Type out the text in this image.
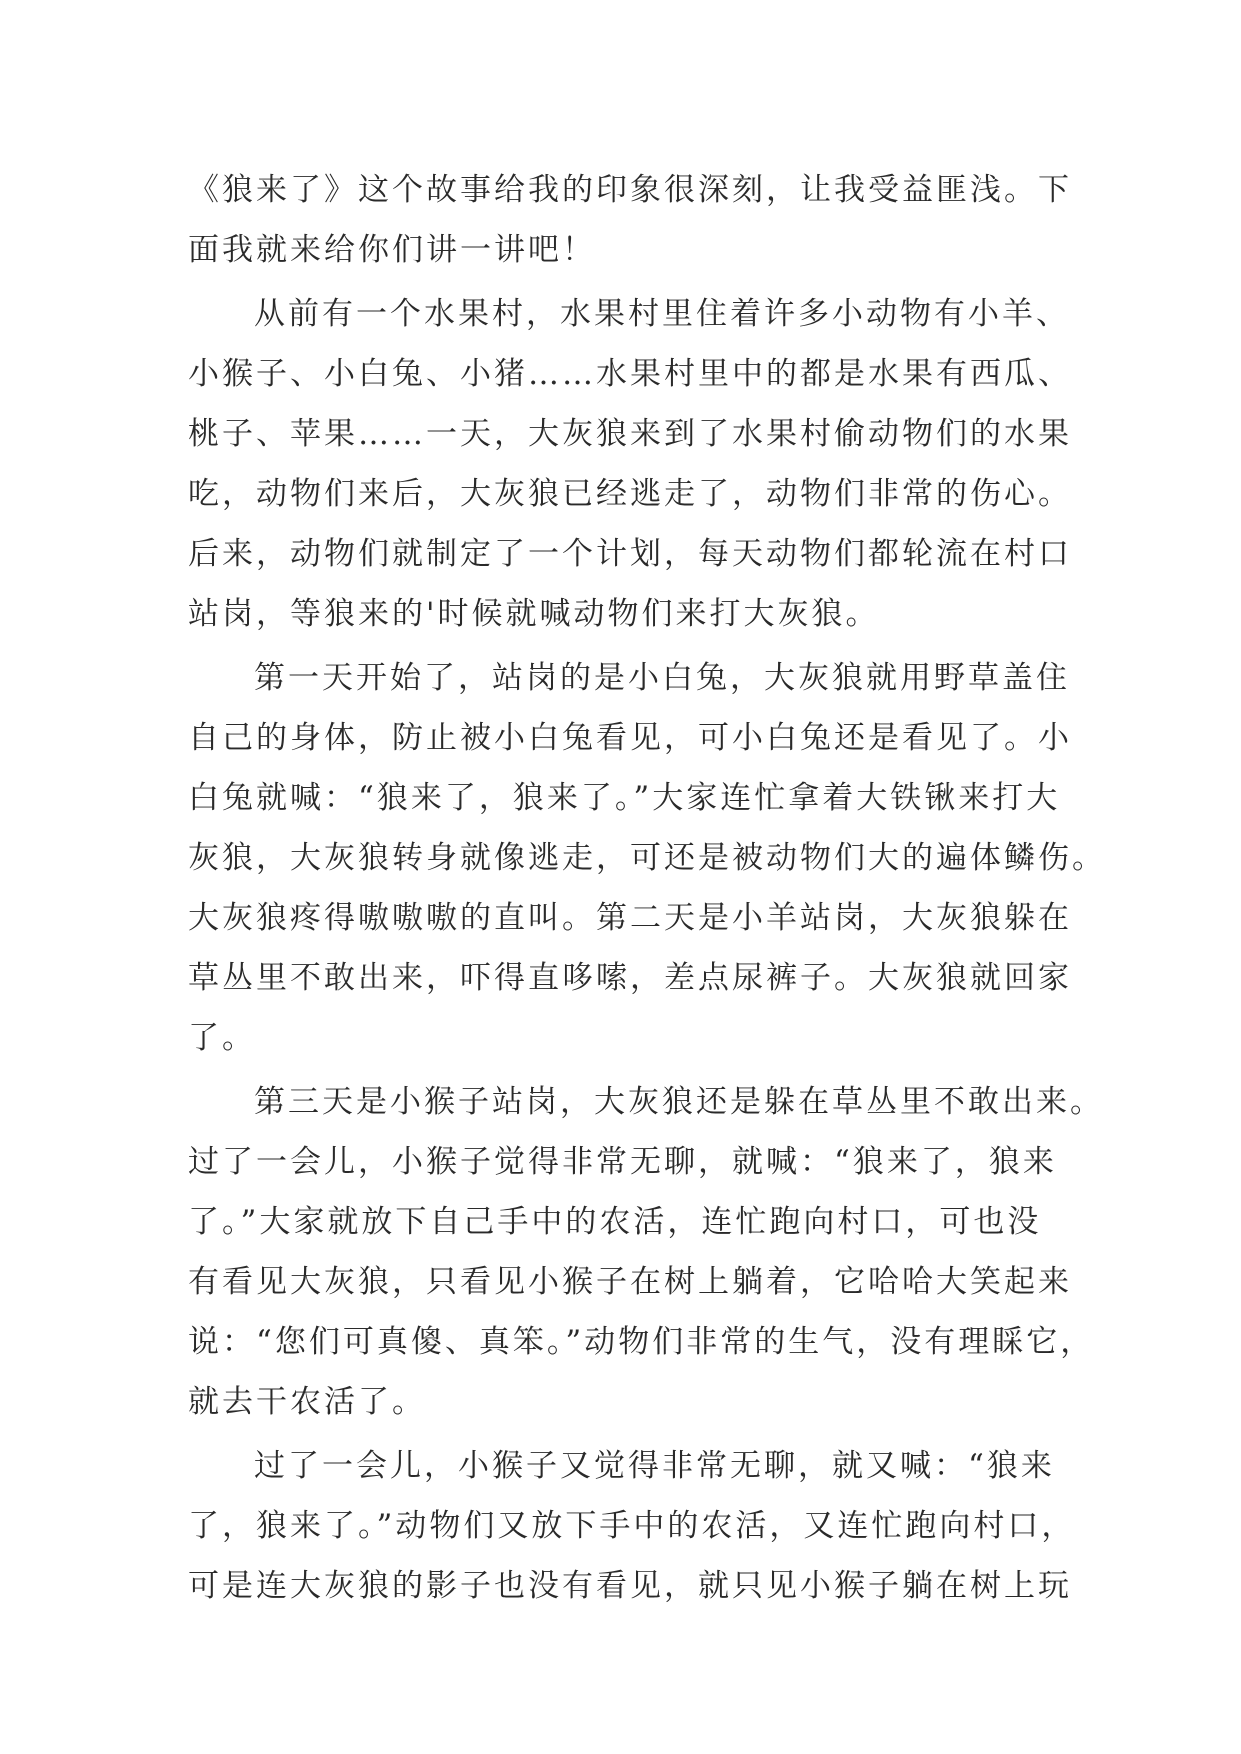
《狼来了》这个故事给我的印象很深刻，让我受益匪浅。下
面我就来给你们讲一讲吧！
从前有一个水果村，水果村里住着许多小动物有小羊、
小猴子、小白兔、小猪……水果村里中的都是水果有西瓜、
桃子、苹果……一天，大灰狼来到了水果村偷动物们的水果
吃，动物们来后，大灰狼已经逃走了，动物们非常的伤心。
后来，动物们就制定了一个计划，每天动物们都轮流在村口
站岗，等狼来的'时候就喊动物们来打大灰狼。
第一天开始了，站岗的是小白兔，大灰狼就用野草盖住
自己的身体，防止被小白兔看见，可小白兔还是看见了。小
白兔就喊：“狼来了，狼来了。”大家连忙拿着大铁锹来打大
灰狼，大灰狼转身就像逃走，可还是被动物们大的遍体鳞伤。
大灰狼疼得嗷嗷嗷的直叫。第二天是小羊站岗，大灰狼躲在
草丛里不敢出来，吓得直哆嗦，差点尿裤子。大灰狼就回家
了。
第三天是小猴子站岗，大灰狼还是躲在草丛里不敢出来。
过了一会儿，小猴子觉得非常无聊，就喊：“狼来了，狼来
了。”大家就放下自己手中的农活，连忙跑向村口，可也没
有看见大灰狼，只看见小猴子在树上躺着，它哈哈大笑起来
说：“您们可真傻、真笨。”动物们非常的生气，没有理睬它，
就去干农活了。
过了一会儿，小猴子又觉得非常无聊，就又喊：“狼来
了，狼来了。”动物们又放下手中的农活，又连忙跑向村口，
可是连大灰狼的影子也没有看见，就只见小猴子躺在树上玩
